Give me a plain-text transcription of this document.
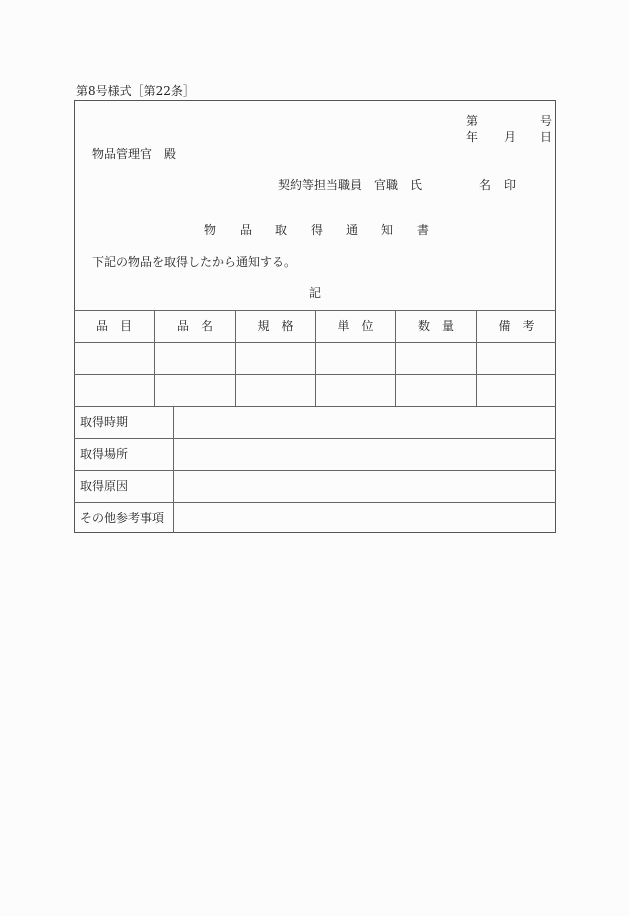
第8号様式［第22条］
第	号
年 月 日
物品管理官　殿
契約等担当職員　官職　氏	名 印
物 品 取 得 通 知 書
下記の物品を取得したから通知する。
記
品　目	品　名	規　格	単　位	数　量	備　考
取得時期
取得場所
取得原因
その他参考事項
